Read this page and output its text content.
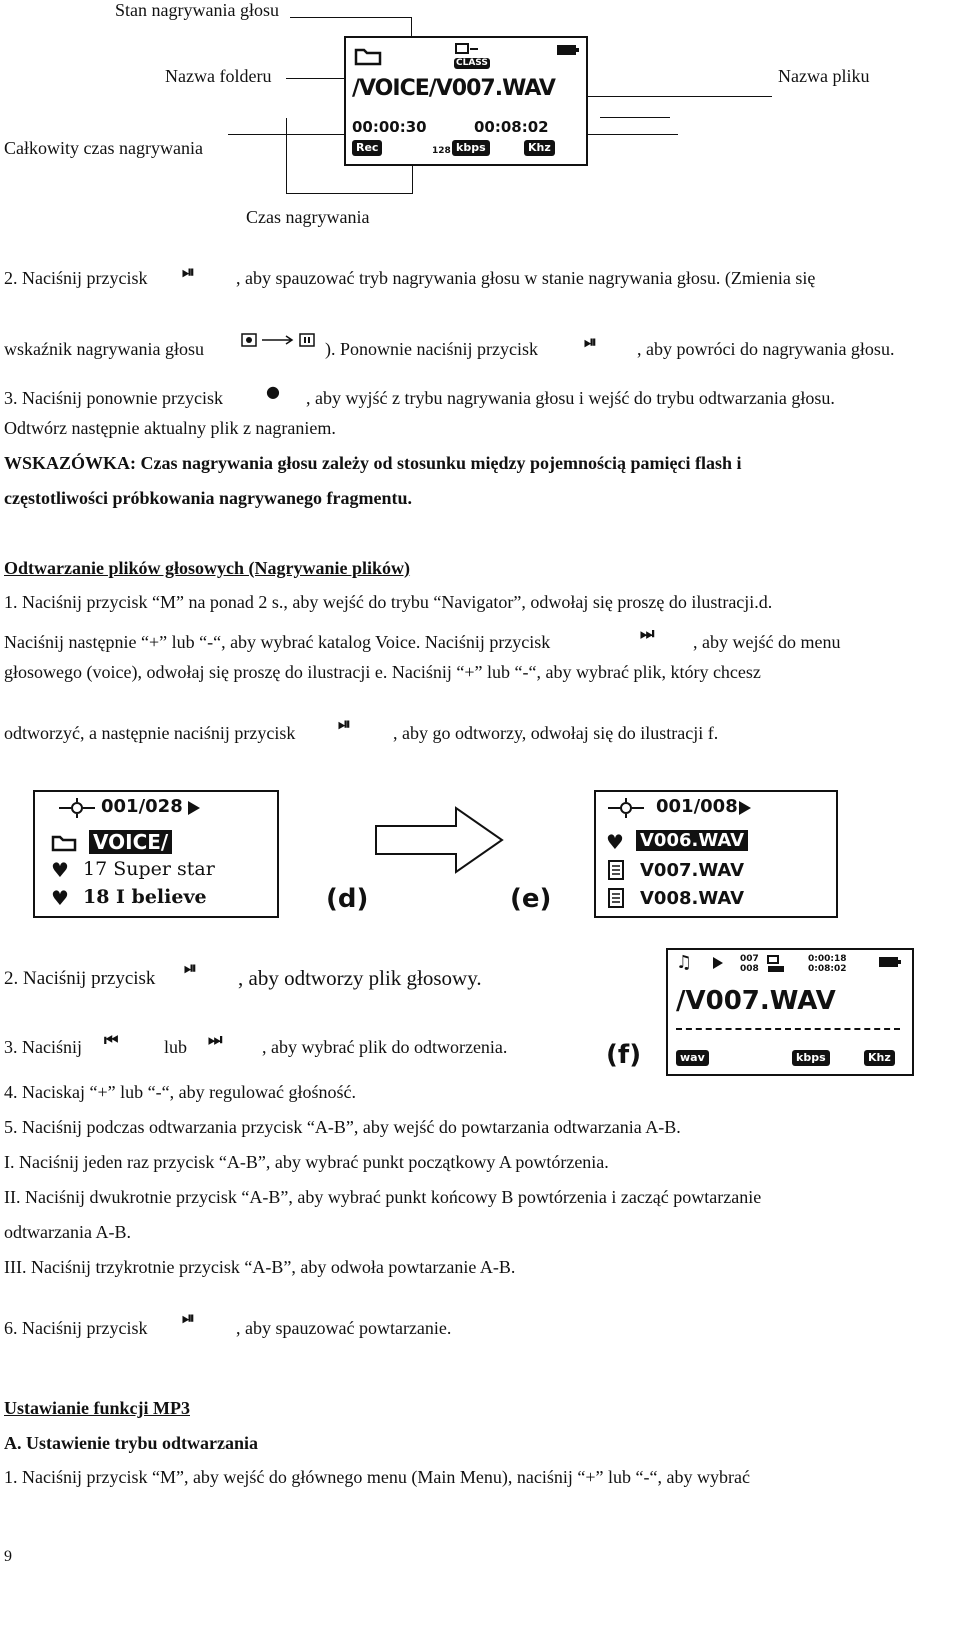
Stan nagrywania głosu
Nazwa folderu	Nazwa pliku
Całkowity czas nagrywania
Czas nagrywania
CLASS
/VOICE/V007.WAV
00:00:30	00:08:02
Rec	128 kbps	Khz
2. Naciśnij przycisk ⏯ , aby spauzować tryb nagrywania głosu w stanie nagrywania głosu. (Zmienia się
wskaźnik nagrywania głosu	). Ponownie naciśnij przycisk	⏯ , aby powróci do nagrywania głosu.
3. Naciśnij ponownie przycisk	● , aby wyjść z trybu nagrywania głosu i wejść do trybu odtwarzania głosu.
Odtwórz następnie aktualny plik z nagraniem.
WSKAZÓWKA: Czas nagrywania głosu zależy od stosunku między pojemnością pamięci flash i
częstotliwości próbkowania nagrywanego fragmentu.
Odtwarzanie plików głosowych (Nagrywanie plików)
1. Naciśnij przycisk “M” na ponad 2 s., aby wejść do trybu “Navigator”, odwołaj się proszę do ilustracji.d.
Naciśnij następnie “+” lub “-“, aby wybrać katalog Voice. Naciśnij przycisk	⏭ , aby wejść do menu
głosowego (voice), odwołaj się proszę do ilustracji e. Naciśnij “+” lub “-“, aby wybrać plik, który chcesz
odtworzyć, a następnie naciśnij przycisk	⏯ , aby go odtworzy, odwołaj się do ilustracji f.
001/028
VOICE/
♥ 17 Super star
♥ 18 I believe	(d)	(e)
001/008
♥ V006.WAV
V007.WAV
V008.WAV
2. Naciśnij przycisk
⏯ , aby odtworzy plik głosowy.
3. Naciśnij ⏮	lub ⏭ , aby wybrać plik do odtworzenia.	(f)
♫	007
008
0:00:18
0:08:02
/V007.WAV
wav	kbps	Khz
4. Naciskaj “+” lub “-“, aby regulować głośność.
5. Naciśnij podczas odtwarzania przycisk “A-B”, aby wejść do powtarzania odtwarzania A-B.
I. Naciśnij jeden raz przycisk “A-B”, aby wybrać punkt początkowy A powtórzenia.
II. Naciśnij dwukrotnie przycisk “A-B”, aby wybrać punkt końcowy B powtórzenia i zacząć powtarzanie
odtwarzania A-B.
III. Naciśnij trzykrotnie przycisk “A-B”, aby odwoła powtarzanie A-B.
6. Naciśnij przycisk
⏯
, aby spauzować powtarzanie.
Ustawianie funkcji MP3
A. Ustawienie trybu odtwarzania
1. Naciśnij przycisk “M”, aby wejść do głównego menu (Main Menu), naciśnij “+” lub “-“, aby wybrać
9
